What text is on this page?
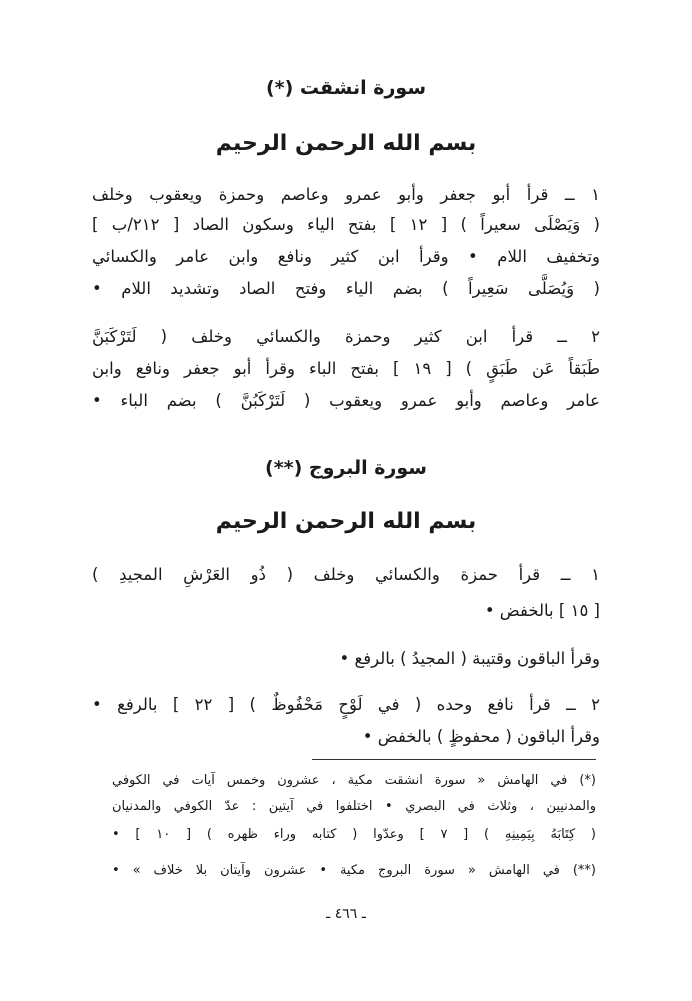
سورة انشقت (*)
بسم الله الرحمن الرحيم
١ ــ قرأ أبو جعفر وأبو عمرو وعاصم وحمزة ويعقوب وخلف
( وَيَصْلَى سعيراً ) [ ١٢ ] بفتح الياء وسكون الصاد [ ٢١٢/ب ]
وتخفيف اللام • وقرأ ابن كثير ونافع وابن عامر والكسائي
( وَيُصَلَّى سَعِيراً ) بضم الياء وفتح الصاد وتشديد اللام •
٢ ــ قرأ ابن كثير وحمزة والكسائي وخلف ( لَتَرْكَبَنَّ
طَبَقاً عَن طَبَقٍ ) [ ١٩ ] بفتح الباء وقرأ أبو جعفر ونافع وابن
عامر وعاصم وأبو عمرو ويعقوب ( لَتَرْكَبُنَّ ) بضم الباء •
سورة البروج (**)
بسم الله الرحمن الرحيم
١ ــ قرأ حمزة والكسائي وخلف ( ذُو العَرْشِ المجيدِ )
[ ١٥ ] بالخفض •
وقرأ الباقون وقتيبة ( المجيدُ ) بالرفع •
٢ ــ قرأ نافع وحده ( في لَوْحٍ مَحْفُوظٌ ) [ ٢٢ ] بالرفع •
وقرأ الباقون ( محفوظٍ ) بالخفض •
(*) في الهامش « سورة انشقت مكية ، عشرون وخمس آيات في الكوفي
والمدنيين ، وثلاث في البصري • اختلفوا في آيتين : عدّ الكوفي والمدنيان
( كِتَابَهُ بِيَمِينِهِ ) [ ٧ ] وعدّوا ( كتابه وراء ظهره ) [ ١٠ ] •
(**) في الهامش « سورة البروج مكية • عشرون وآيتان بلا خلاف » •
ـ ٤٦٦ ـ
